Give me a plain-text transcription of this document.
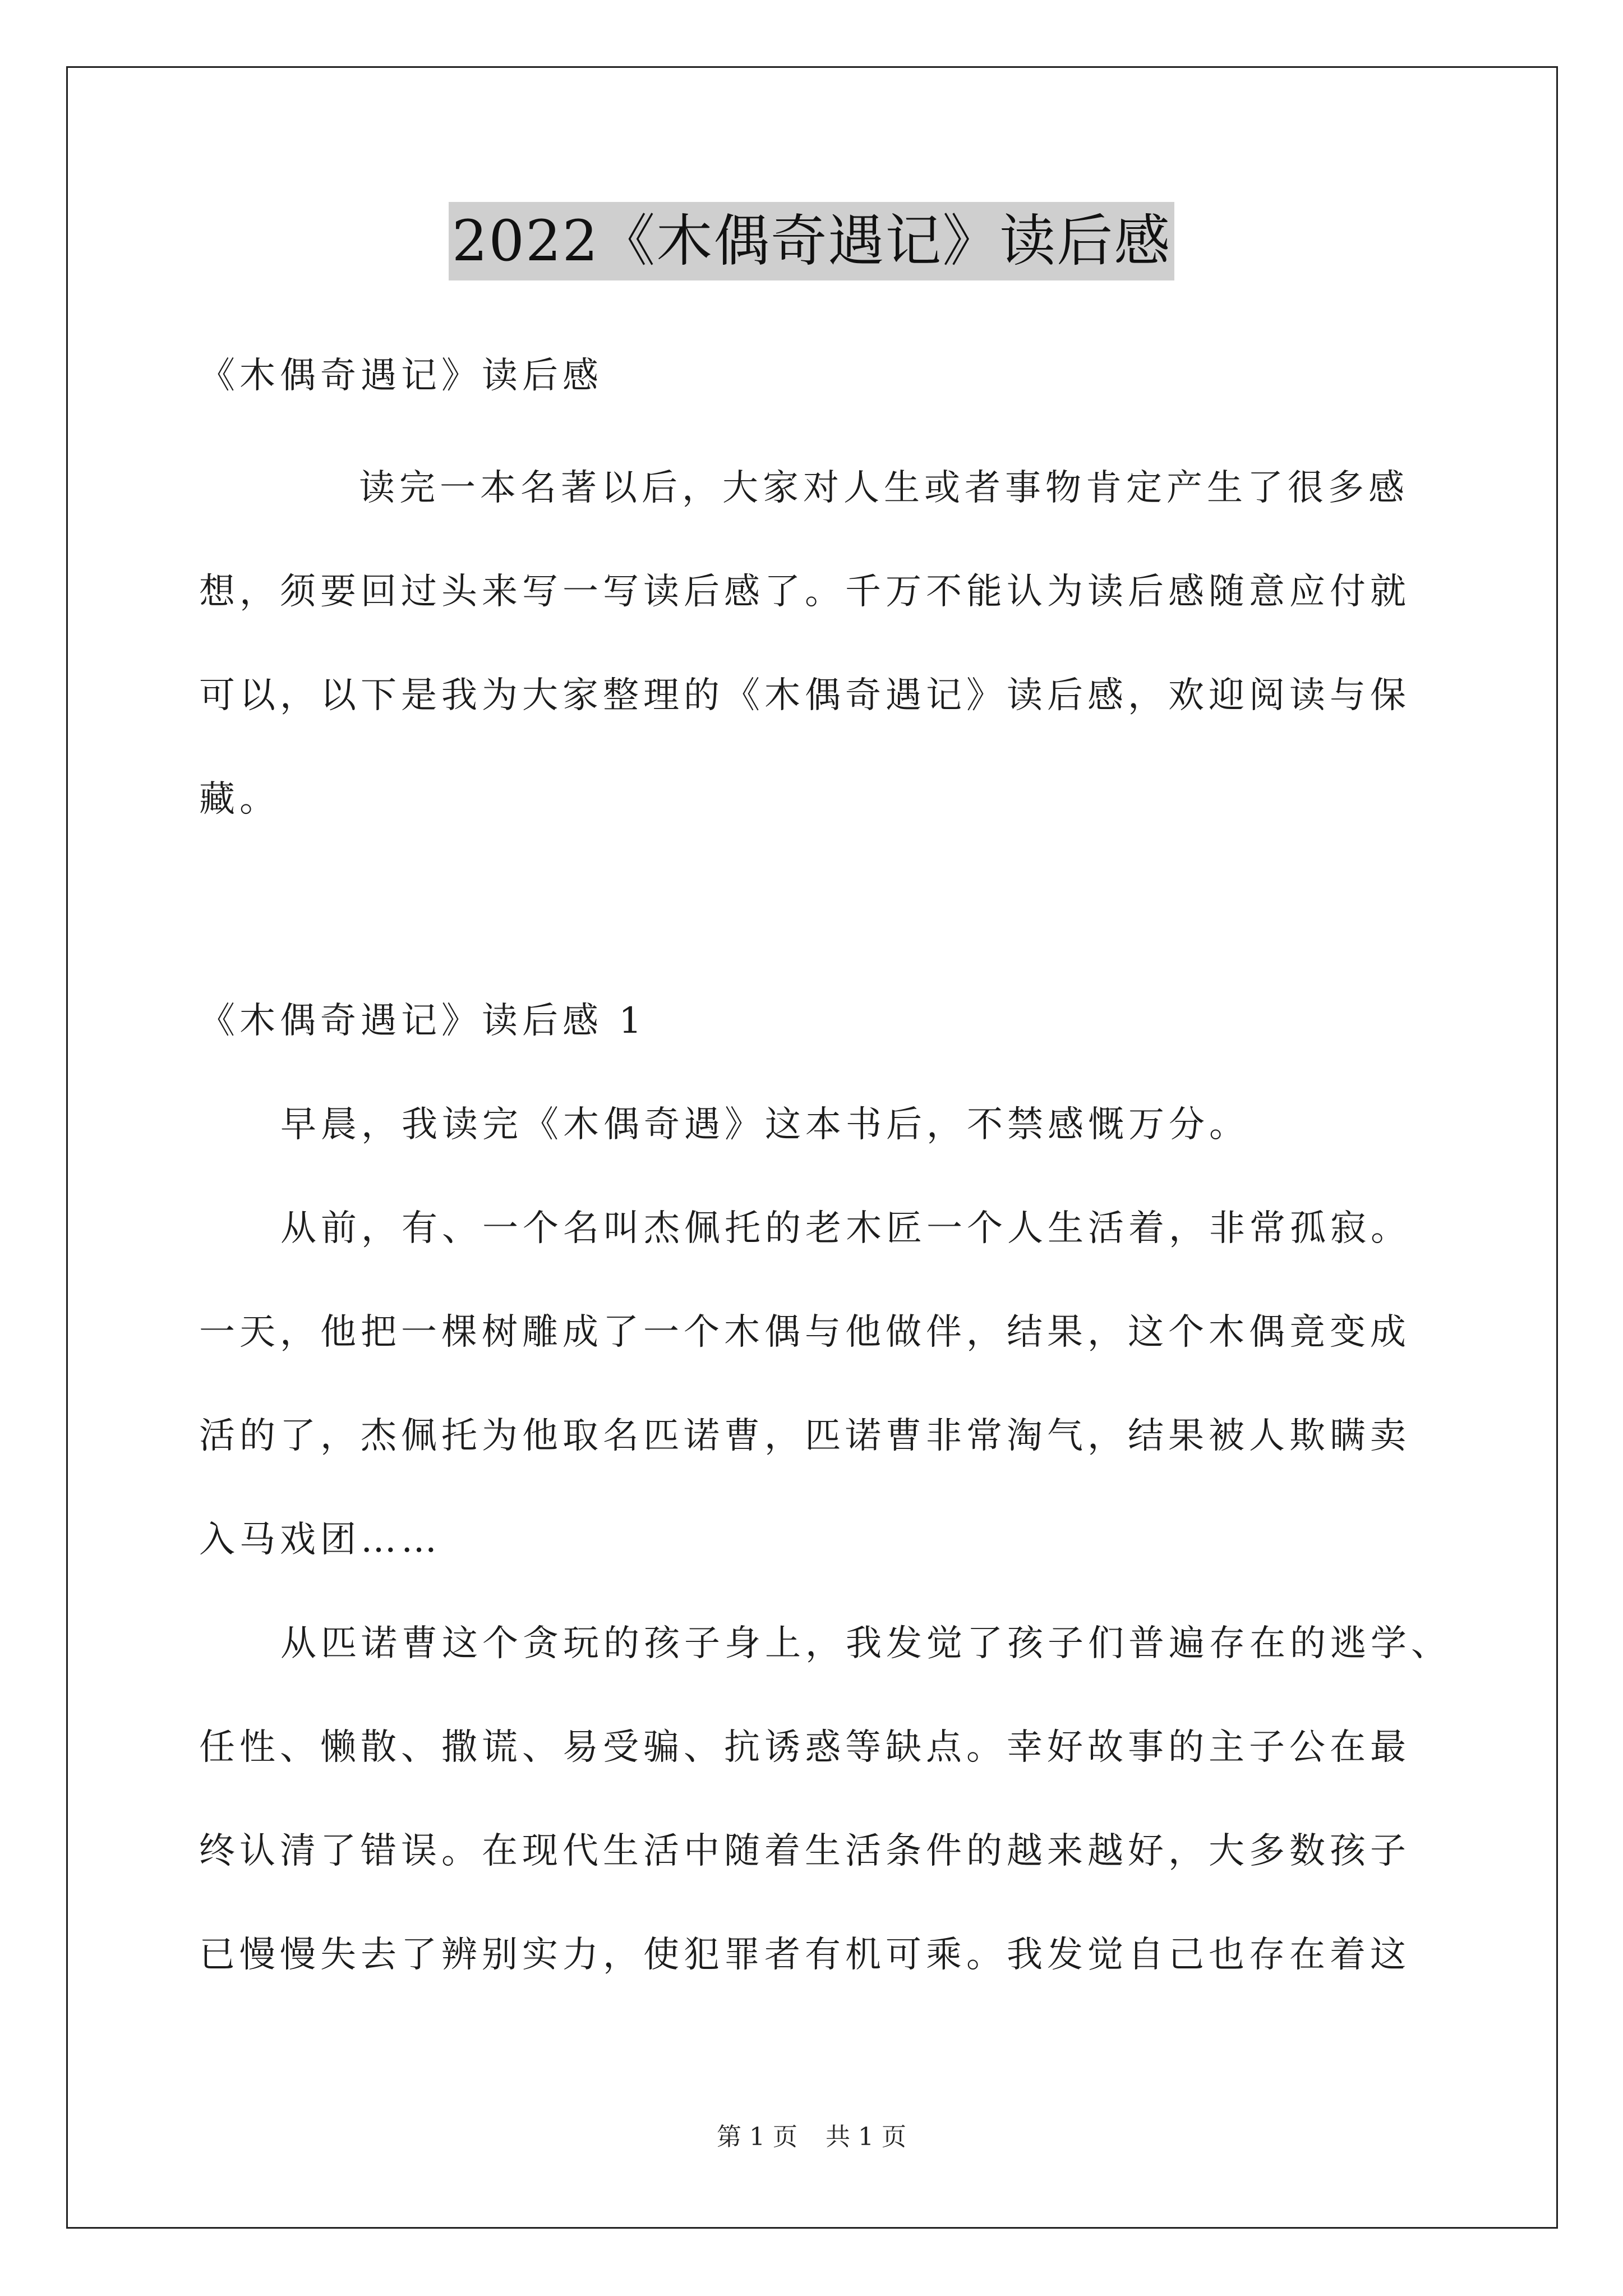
2022《木偶奇遇记》读后感
《木偶奇遇记》读后感
读完一本名著以后，大家对人生或者事物肯定产生了很多感
想，须要回过头来写一写读后感了。千万不能认为读后感随意应付就
可以，以下是我为大家整理的《木偶奇遇记》读后感，欢迎阅读与保
藏。
《木偶奇遇记》读后感 1
早晨，我读完《木偶奇遇》这本书后，不禁感慨万分。
从前，有、一个名叫杰佩托的老木匠一个人生活着，非常孤寂。
一天，他把一棵树雕成了一个木偶与他做伴，结果，这个木偶竟变成
活的了，杰佩托为他取名匹诺曹，匹诺曹非常淘气，结果被人欺瞒卖
入马戏团……
从匹诺曹这个贪玩的孩子身上，我发觉了孩子们普遍存在的逃学、
任性、懒散、撒谎、易受骗、抗诱惑等缺点。幸好故事的主子公在最
终认清了错误。在现代生活中随着生活条件的越来越好，大多数孩子
已慢慢失去了辨别实力，使犯罪者有机可乘。我发觉自己也存在着这
第 1 页 共 1 页
